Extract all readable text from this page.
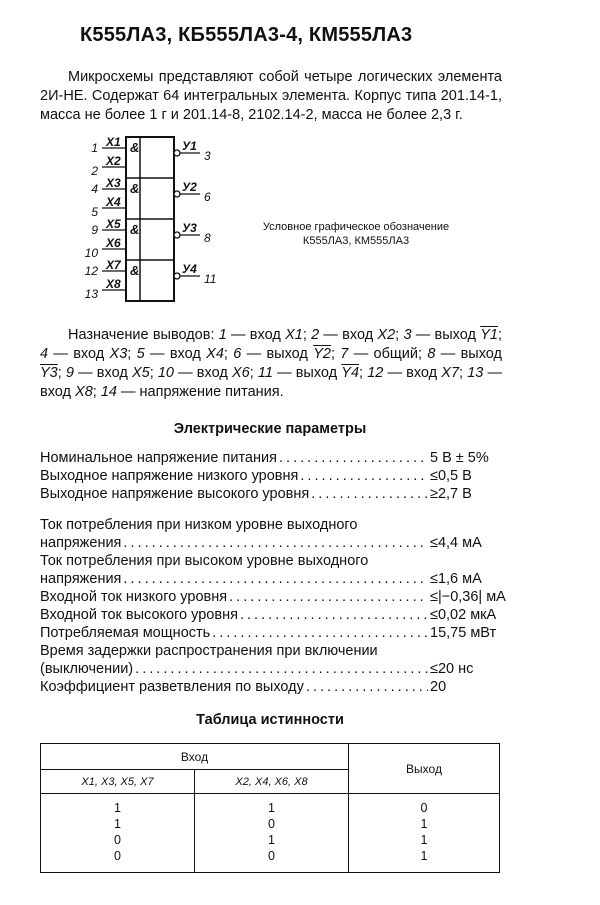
К555ЛА3, КБ555ЛА3-4, КМ555ЛА3
Микросхемы представляют собой четыре логических элемента 2И-НЕ. Содержат 64 интегральных элемента. Корпус типа 201.14-1, масса не более 1 г и 201.14-8, 2102.14-2, масса не более 2,3 г.
X1
X2
1
2
&	У1
3
X3
X4
4
5
&	У2
6
X5
X6
9
10
&	У3
8
X7
X8
12
13
&	У4
11
Условное графическое обозначение
К555ЛА3, КМ555ЛА3
Назначение выводов: 1 — вход X1; 2 — вход X2; 3 — выход Y1; 4 — вход X3; 5 — вход X4; 6 — выход Y2; 7 — общий; 8 — выход Y3; 9 — вход X5; 10 — вход X6; 11 — выход Y4; 12 — вход X7; 13 — вход X8; 14 — напряжение питания.
Электрические параметры
Номинальное напряжение питания . . .	5 В ± 5%
Выходное напряжение низкого уровня . . .	≤0,5 В
Выходное напряжение высокого уровня . . .	≥2,7 В
Ток потребления при низком уровне выходного
напряжения . . .	≤4,4 мА
Ток потребления при высоком уровне выходного
напряжения . . .	≤1,6 мА
Входной ток низкого уровня . . .	≤|−0,36| мА
Входной ток высокого уровня . . .	≤0,02 мкА
Потребляемая мощность . . .	15,75 мВт
Время задержки распространения при включении
(выключении) . . .	≤20 нс
Коэффициент разветвления по выходу . . .	20
Таблица истинности
Вход		Выход
X1, X3, X5, X7	X2, X4, X6, X8	
1	1	0
1	0	1
0	1	1
0	0	1
